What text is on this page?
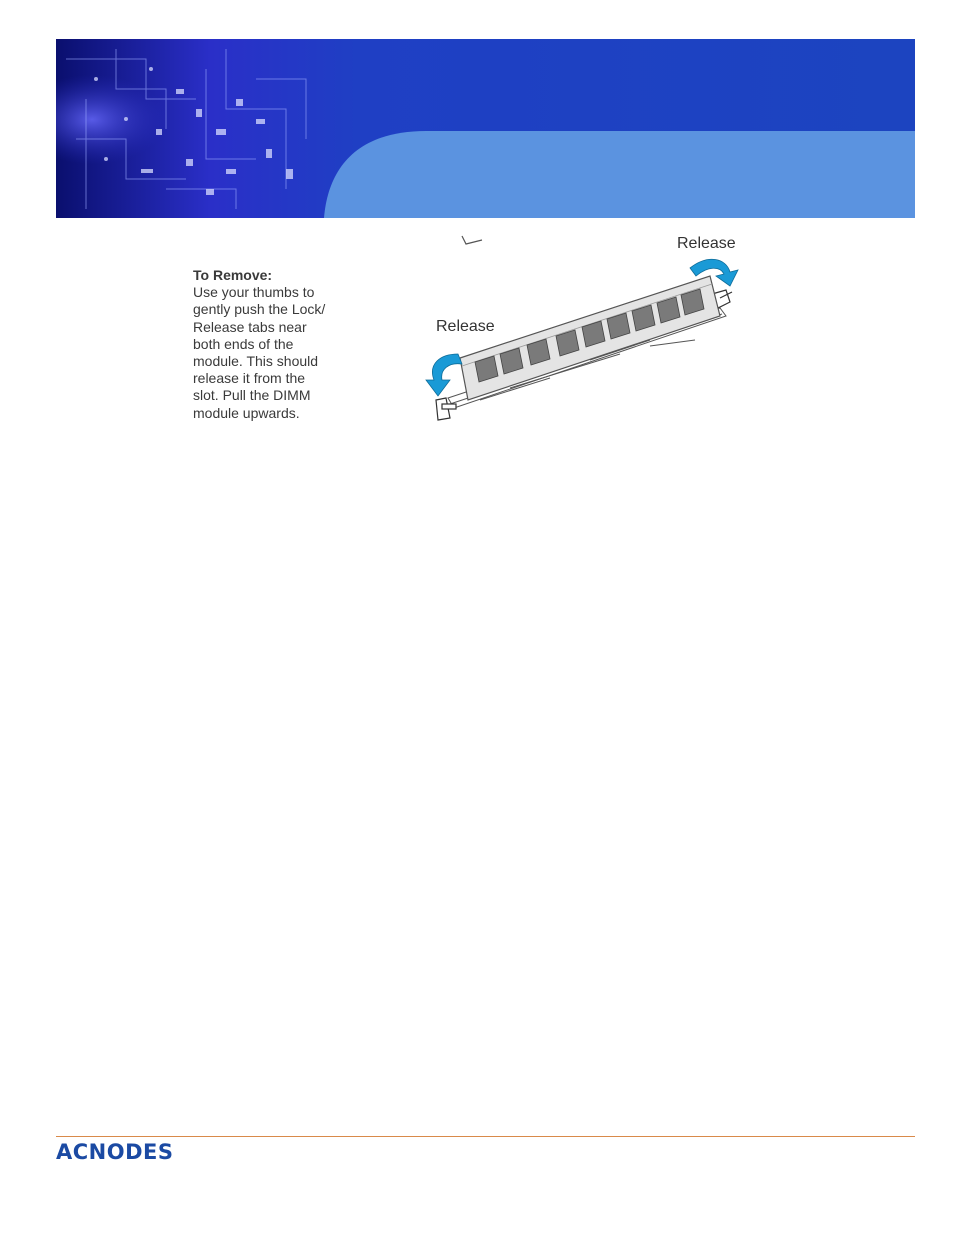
To Remove:
Use your thumbs to
gently push the Lock/
Release tabs near
both ends of the
module. This should
release it from the
slot. Pull the DIMM
module upwards.
Release
Release
ACNODES
